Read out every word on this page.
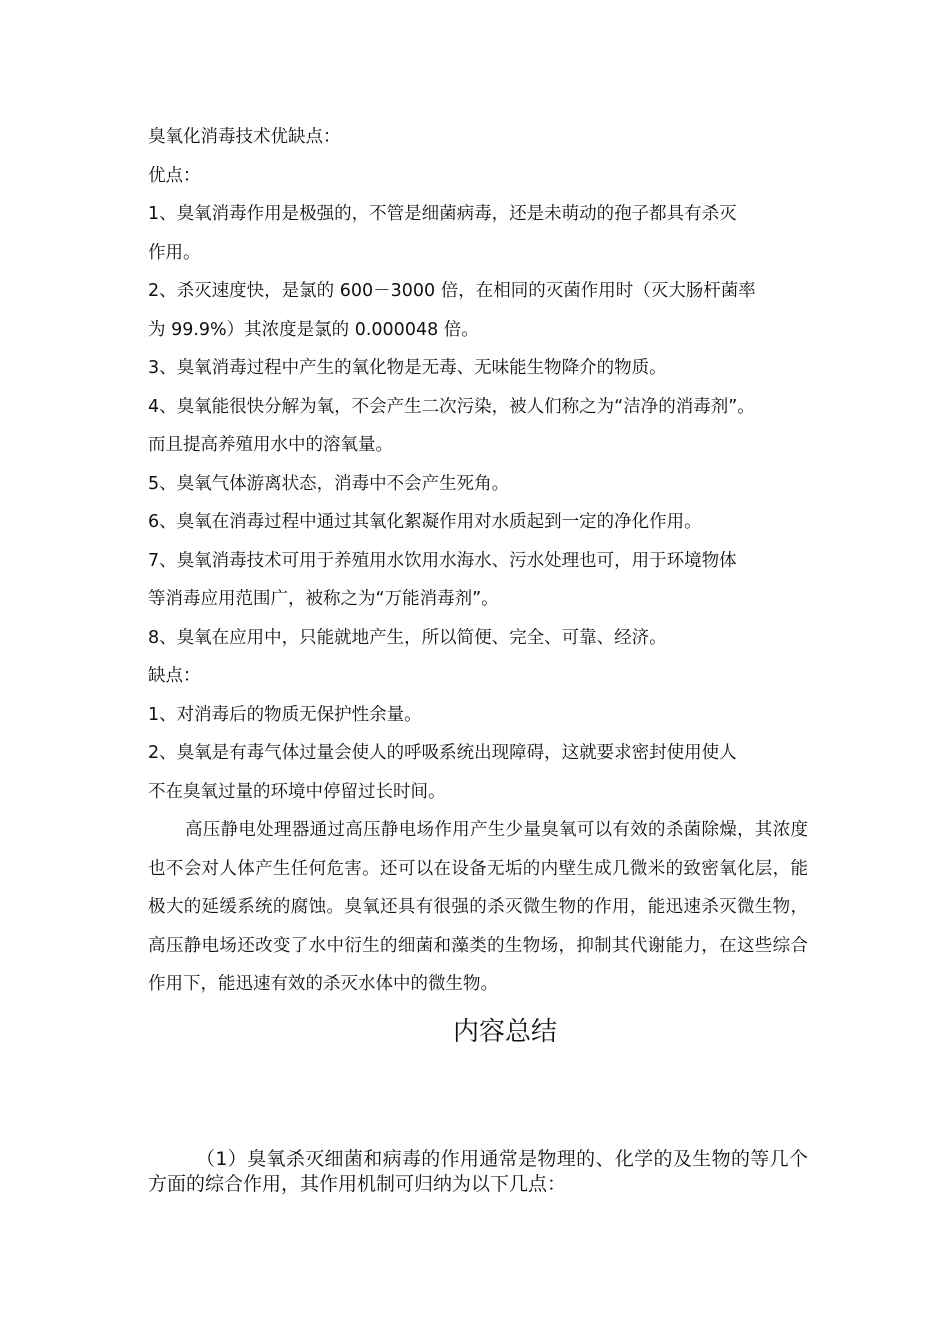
臭氧化消毒技术优缺点：

优点：

1、臭氧消毒作用是极强的，不管是细菌病毒，还是未萌动的孢子都具有杀灭

作用。

2、杀灭速度快，是氯的 600－3000 倍，在相同的灭菌作用时（灭大肠杆菌率

为 99.9%）其浓度是氯的 0.000048 倍。

3、臭氧消毒过程中产生的氧化物是无毒、无味能生物降介的物质。

4、臭氧能很快分解为氧，不会产生二次污染，被人们称之为“洁净的消毒剂”。

而且提高养殖用水中的溶氧量。

5、臭氧气体游离状态，消毒中不会产生死角。

6、臭氧在消毒过程中通过其氧化絮凝作用对水质起到一定的净化作用。

7、臭氧消毒技术可用于养殖用水饮用水海水、污水处理也可，用于环境物体

等消毒应用范围广，被称之为“万能消毒剂”。

8、臭氧在应用中，只能就地产生，所以简便、完全、可靠、经济。

缺点：

1、对消毒后的物质无保护性余量。

2、臭氧是有毒气体过量会使人的呼吸系统出现障碍，这就要求密封使用使人

不在臭氧过量的环境中停留过长时间。

高压静电处理器通过高压静电场作用产生少量臭氧可以有效的杀菌除燥，其浓度也不会对人体产生任何危害。还可以在设备无垢的内壁生成几微米的致密氧化层，能极大的延缓系统的腐蚀。臭氧还具有很强的杀灭微生物的作用，能迅速杀灭微生物，高压静电场还改变了水中衍生的细菌和藻类的生物场，抑制其代谢能力，在这些综合作用下，能迅速有效的杀灭水体中的微生物。

内容总结

（1）臭氧杀灭细菌和病毒的作用通常是物理的、化学的及生物的等几个方面的综合作用，其作用机制可归纳为以下几点：
